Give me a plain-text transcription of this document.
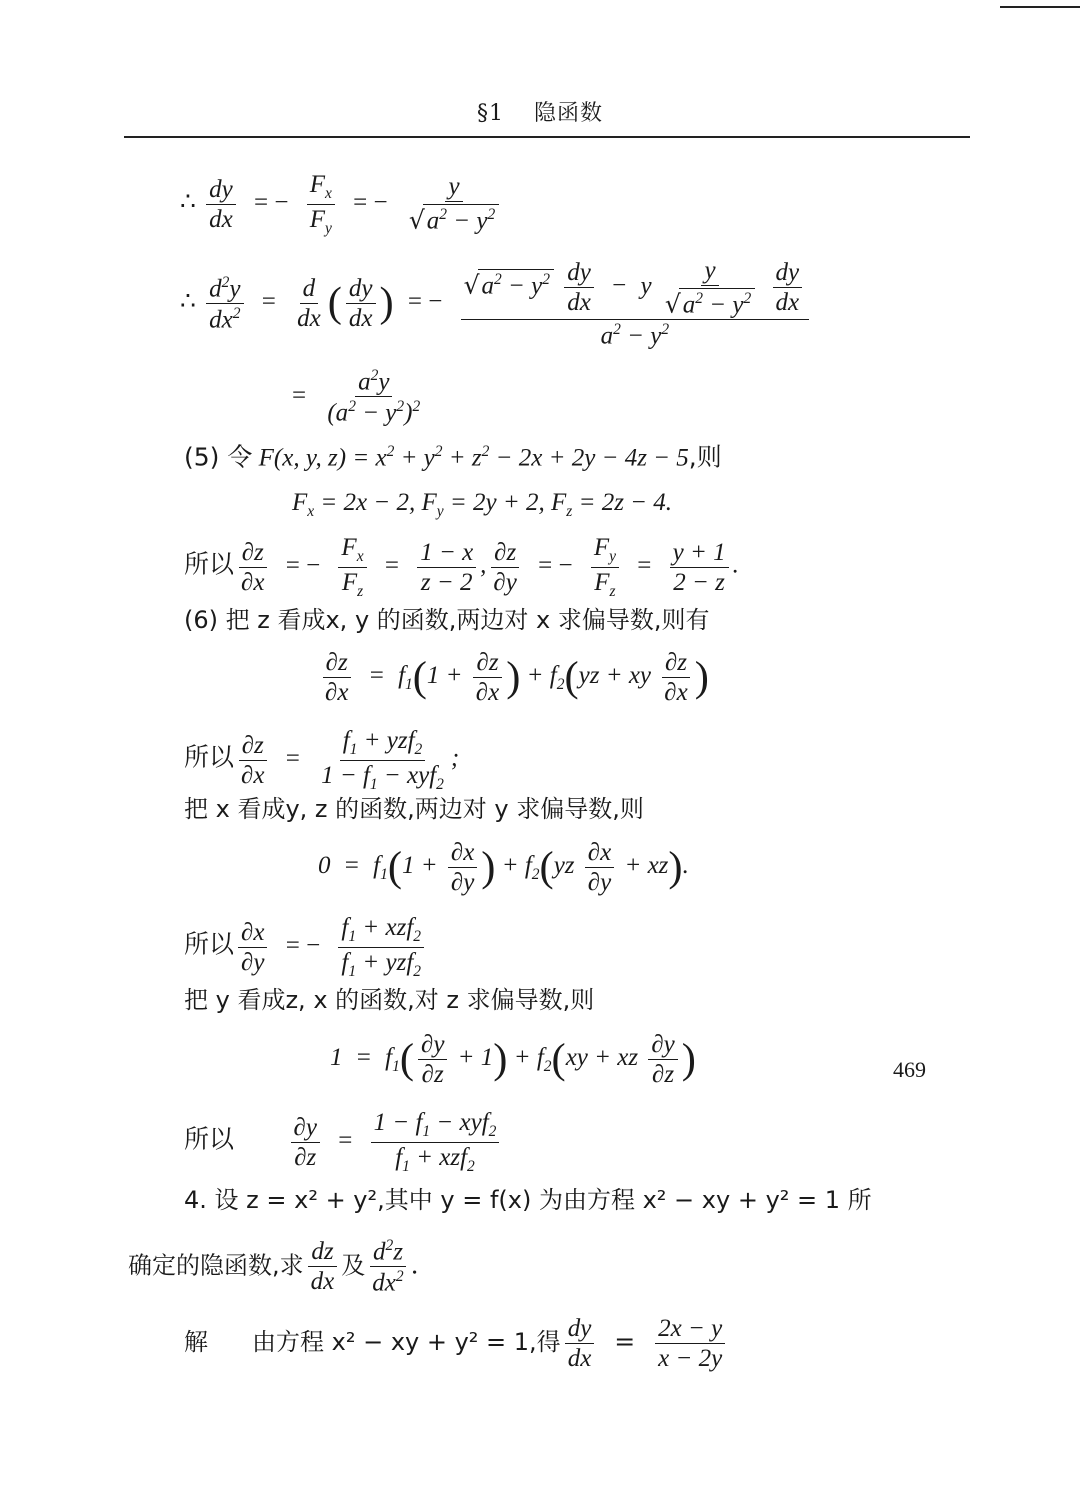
§1 隐函数
∴ $\frac{dy}{dx}$ = − $\frac{F_x}{F_y}$ = − $\frac{y}{√a^2 - y^2}$
∴ $\frac{d^2y}{dx^2} = \frac{d}{dx}$ ( $\frac{dy}{dx}$ ) = −
$√a^2 - y^2 \frac{dy}{dx} - y \frac{y}{√a^2 - y^2}$
$\frac{dy}{dx}$
$a^2 - y^2$
= $\frac{a^2y}{(a^2 - y^2)^2}$
(5) 令 F(x, y, $z) = x^2 + y^2 + z^2 - 2x + 2y - 4z - 5$,则
$F_x = 2x - 2$, $F_y = 2y + 2$, $F_z = 2z - 4$.
所以 $\frac{\partial z}{\partial x}$ = − $\frac{F_x}{F_z} = \frac{1 - x}{z - 2}$ , $\frac{\partial z}{\partial y}$ = − $\frac{F_y}{F_z} = \frac{y + 1}{2 - z}$ .
(6) 把 z 看成x, y 的函数,两边对 x 求偏导数,则有
$\frac{\partial z}{\partial x} = f_1(1 + \frac{\partial z}{\partial x}$ ) + $f_2(yz$ + xy $\frac{\partial z}{\partial x}$ )
所以 $\frac{\partial z}{\partial x}$ =
$f_1 + yzf_2$
$1 - f_1 - xyf_2$
;
把 x 看成y, z 的函数,两边对 y 求偏导数,则
$0 = f_1(1 + \frac{\partial x}{\partial y}$ ) + $f_2(yz \frac{\partial x}{\partial y} + xz)$.
所以 $\frac{\partial x}{\partial y}$ = −
$f_1 + xzf_2$
$f_1 + yzf_2$
把 y 看成z, x 的函数,对 z 求偏导数,则
$1 = f_1( \frac{\partial y}{\partial z} + 1) + f_2(xy$ + xz $\frac{\partial y}{\partial z}$ )
所以 $\frac{\partial y}{\partial z}$ =
$1 - f_1 - xyf_2$
$f_1 + xzf_2$
4. 设 z = x² + y²,其中 y = f(x) 为由方程 x² − xy + y² = 1 所
确定的隐函数,求 $\frac{dz}{dx}$ 及 $\frac{d^2z}{dx^2}$ .
解 由方程 x² − xy + y² = 1,得 $\frac{dy}{dx} = \frac{2x - y}{x - 2y}$
469
